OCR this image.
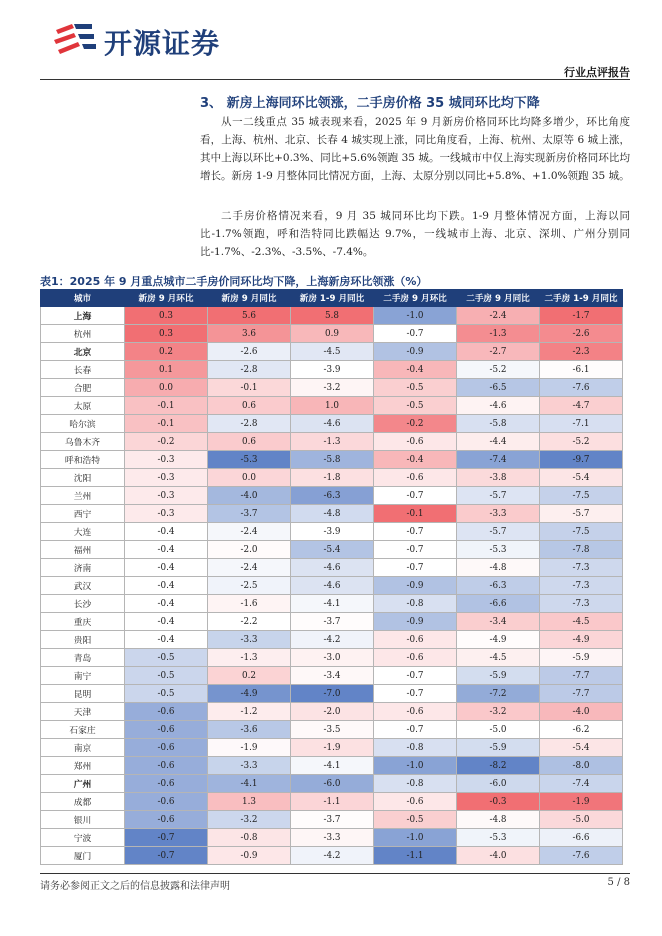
开源证券
行业点评报告
3、 新房上海同环比领涨，二手房价格 35 城同环比均下降

从一二线重点 35 城表现来看，2025 年 9 月新房价格同环比均降多增少，环比角度看，上海、杭州、北京、长春 4 城实现上涨，同比角度看，上海、杭州、太原等 6 城上涨，其中上海以环比+0.3%、同比+5.6%领跑 35 城。一线城市中仅上海实现新房价格同环比均增长。新房 1-9 月整体同比情况方面，上海、太原分别以同比+5.8%、+1.0%领跑 35 城。

二手房价格情况来看，9 月 35 城同环比均下跌。1-9 月整体情况方面，上海以同比-1.7%领跑，呼和浩特同比跌幅达 9.7%，一线城市上海、北京、深圳、广州分别同比-1.7%、-2.3%、-3.5%、-7.4%。

表1：2025 年 9 月重点城市二手房价同环比均下降，上海新房环比领涨（%）
城市	新房 9 月环比	新房 9 月同比	新房 1-9 月同比	二手房 9 月环比	二手房 9 月同比	二手房 1-9 月同比
上海	0.3	5.6	5.8	-1.0	-2.4	-1.7
杭州	0.3	3.6	0.9	-0.7	-1.3	-2.6
北京	0.2	-2.6	-4.5	-0.9	-2.7	-2.3
长春	0.1	-2.8	-3.9	-0.4	-5.2	-6.1
合肥	0.0	-0.1	-3.2	-0.5	-6.5	-7.6
太原	-0.1	0.6	1.0	-0.5	-4.6	-4.7
哈尔滨	-0.1	-2.8	-4.6	-0.2	-5.8	-7.1
乌鲁木齐	-0.2	0.6	-1.3	-0.6	-4.4	-5.2
呼和浩特	-0.3	-5.3	-5.8	-0.4	-7.4	-9.7
沈阳	-0.3	0.0	-1.8	-0.6	-3.8	-5.4
兰州	-0.3	-4.0	-6.3	-0.7	-5.7	-7.5
西宁	-0.3	-3.7	-4.8	-0.1	-3.3	-5.7
大连	-0.4	-2.4	-3.9	-0.7	-5.7	-7.5
福州	-0.4	-2.0	-5.4	-0.7	-5.3	-7.8
济南	-0.4	-2.4	-4.6	-0.7	-4.8	-7.3
武汉	-0.4	-2.5	-4.6	-0.9	-6.3	-7.3
长沙	-0.4	-1.6	-4.1	-0.8	-6.6	-7.3
重庆	-0.4	-2.2	-3.7	-0.9	-3.4	-4.5
贵阳	-0.4	-3.3	-4.2	-0.6	-4.9	-4.9
青岛	-0.5	-1.3	-3.0	-0.6	-4.5	-5.9
南宁	-0.5	0.2	-3.4	-0.7	-5.9	-7.7
昆明	-0.5	-4.9	-7.0	-0.7	-7.2	-7.7
天津	-0.6	-1.2	-2.0	-0.6	-3.2	-4.0
石家庄	-0.6	-3.6	-3.5	-0.7	-5.0	-6.2
南京	-0.6	-1.9	-1.9	-0.8	-5.9	-5.4
郑州	-0.6	-3.3	-4.1	-1.0	-8.2	-8.0
广州	-0.6	-4.1	-6.0	-0.8	-6.0	-7.4
成都	-0.6	1.3	-1.1	-0.6	-0.3	-1.9
银川	-0.6	-3.2	-3.7	-0.5	-4.8	-5.0
宁波	-0.7	-0.8	-3.3	-1.0	-5.3	-6.6
厦门	-0.7	-0.9	-4.2	-1.1	-4.0	-7.6
请务必参阅正文之后的信息披露和法律声明	5 / 8
